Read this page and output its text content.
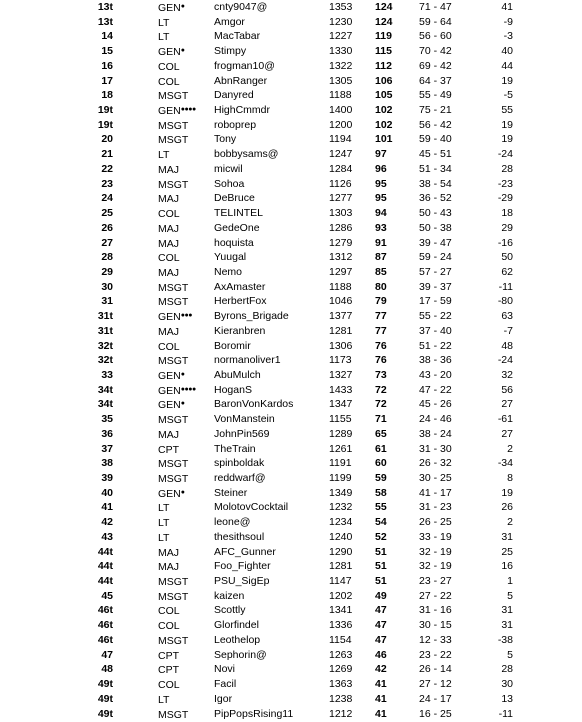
13t	GEN●	cnty9047@	1353 124	71 - 47	41
13t	LT	Amgor	1230 124	59 - 64	-9
14	LT	MacTabar	1227 119	56 - 60	-3
15	GEN●	Stimpy	1330 115	70 - 42	40
16	COL	frogman10@	1322 112	69 - 42	44
17	COL	AbnRanger	1305 106	64 - 37	19
18	MSGT Danyred	1188 105	55 - 49	-5
19t	GEN●●●● HighCmmdr	1400 102	75 - 21	55
19t	MSGT roboprep	1200 102	56 - 42	19
20	MSGT Tony	1194 101	59 - 40	19
21	LT	bobbysams@	1247 97	45 - 51	-24
22	MAJ	micwil	1284 96	51 - 34	28
23	MSGT Sohoa	1126 95	38 - 54	-23
24	MAJ	DeBruce	1277 95	36 - 52	-29
25	COL	TELINTEL	1303 94	50 - 43	18
26	MAJ	GedeOne	1286 93	50 - 38	29
27	MAJ	hoquista	1279 91	39 - 47	-16
28	COL	Yuugal	1312 87	59 - 24	50
29	MAJ	Nemo	1297 85	57 - 27	62
30	MSGT AxAmaster	1188 80	39 - 37	-11
31	MSGT HerbertFox	1046 79	17 - 59	-80
31t	GEN●●● Byrons_Brigade	1377 77	55 - 22	63
31t	MAJ	Kieranbren	1281 77	37 - 40	-7
32t	COL	Boromir	1306 76	51 - 22	48
32t	MSGT normanoliver1	1173 76	38 - 36	-24
33	GEN●	AbuMulch	1327 73	43 - 20	32
34t	GEN●●●● HoganS	1433 72	47 - 22	56
34t	GEN●	BaronVonKardos	1347 72	45 - 26	27
35	MSGT VonManstein	1155 71	24 - 46	-61
36	MAJ	JohnPin569	1289 65	38 - 24	27
37	CPT	TheTrain	1261 61	31 - 30	2
38	MSGT spinboldak	1191 60	26 - 32	-34
39	MSGT reddwarf@	1199 59	30 - 25	8
40	GEN●	Steiner	1349 58	41 - 17	19
41	LT	MolotovCocktail	1232 55	31 - 23	26
42	LT	leone@	1234 54	26 - 25	2
43	LT	thesithsoul	1240 52	33 - 19	31
44t	MAJ	AFC_Gunner	1290 51	32 - 19	25
44t	MAJ	Foo_Fighter	1281 51	32 - 19	16
44t	MSGT PSU_SigEp	1147 51	23 - 27	1
45	MSGT kaizen	1202 49	27 - 22	5
46t	COL	Scottly	1341 47	31 - 16	31
46t	COL	Glorfindel	1336 47	30 - 15	31
46t	MSGT Leothelop	1154 47	12 - 33	-38
47	CPT	Sephorin@	1263 46	23 - 22	5
48	CPT	Novi	1269 42	26 - 14	28
49t	COL	Facil	1363 41	27 - 12	30
49t	LT	Igor	1238 41	24 - 17	13
49t	MSGT PipPopsRising11	1212 41	16 - 25	-11
